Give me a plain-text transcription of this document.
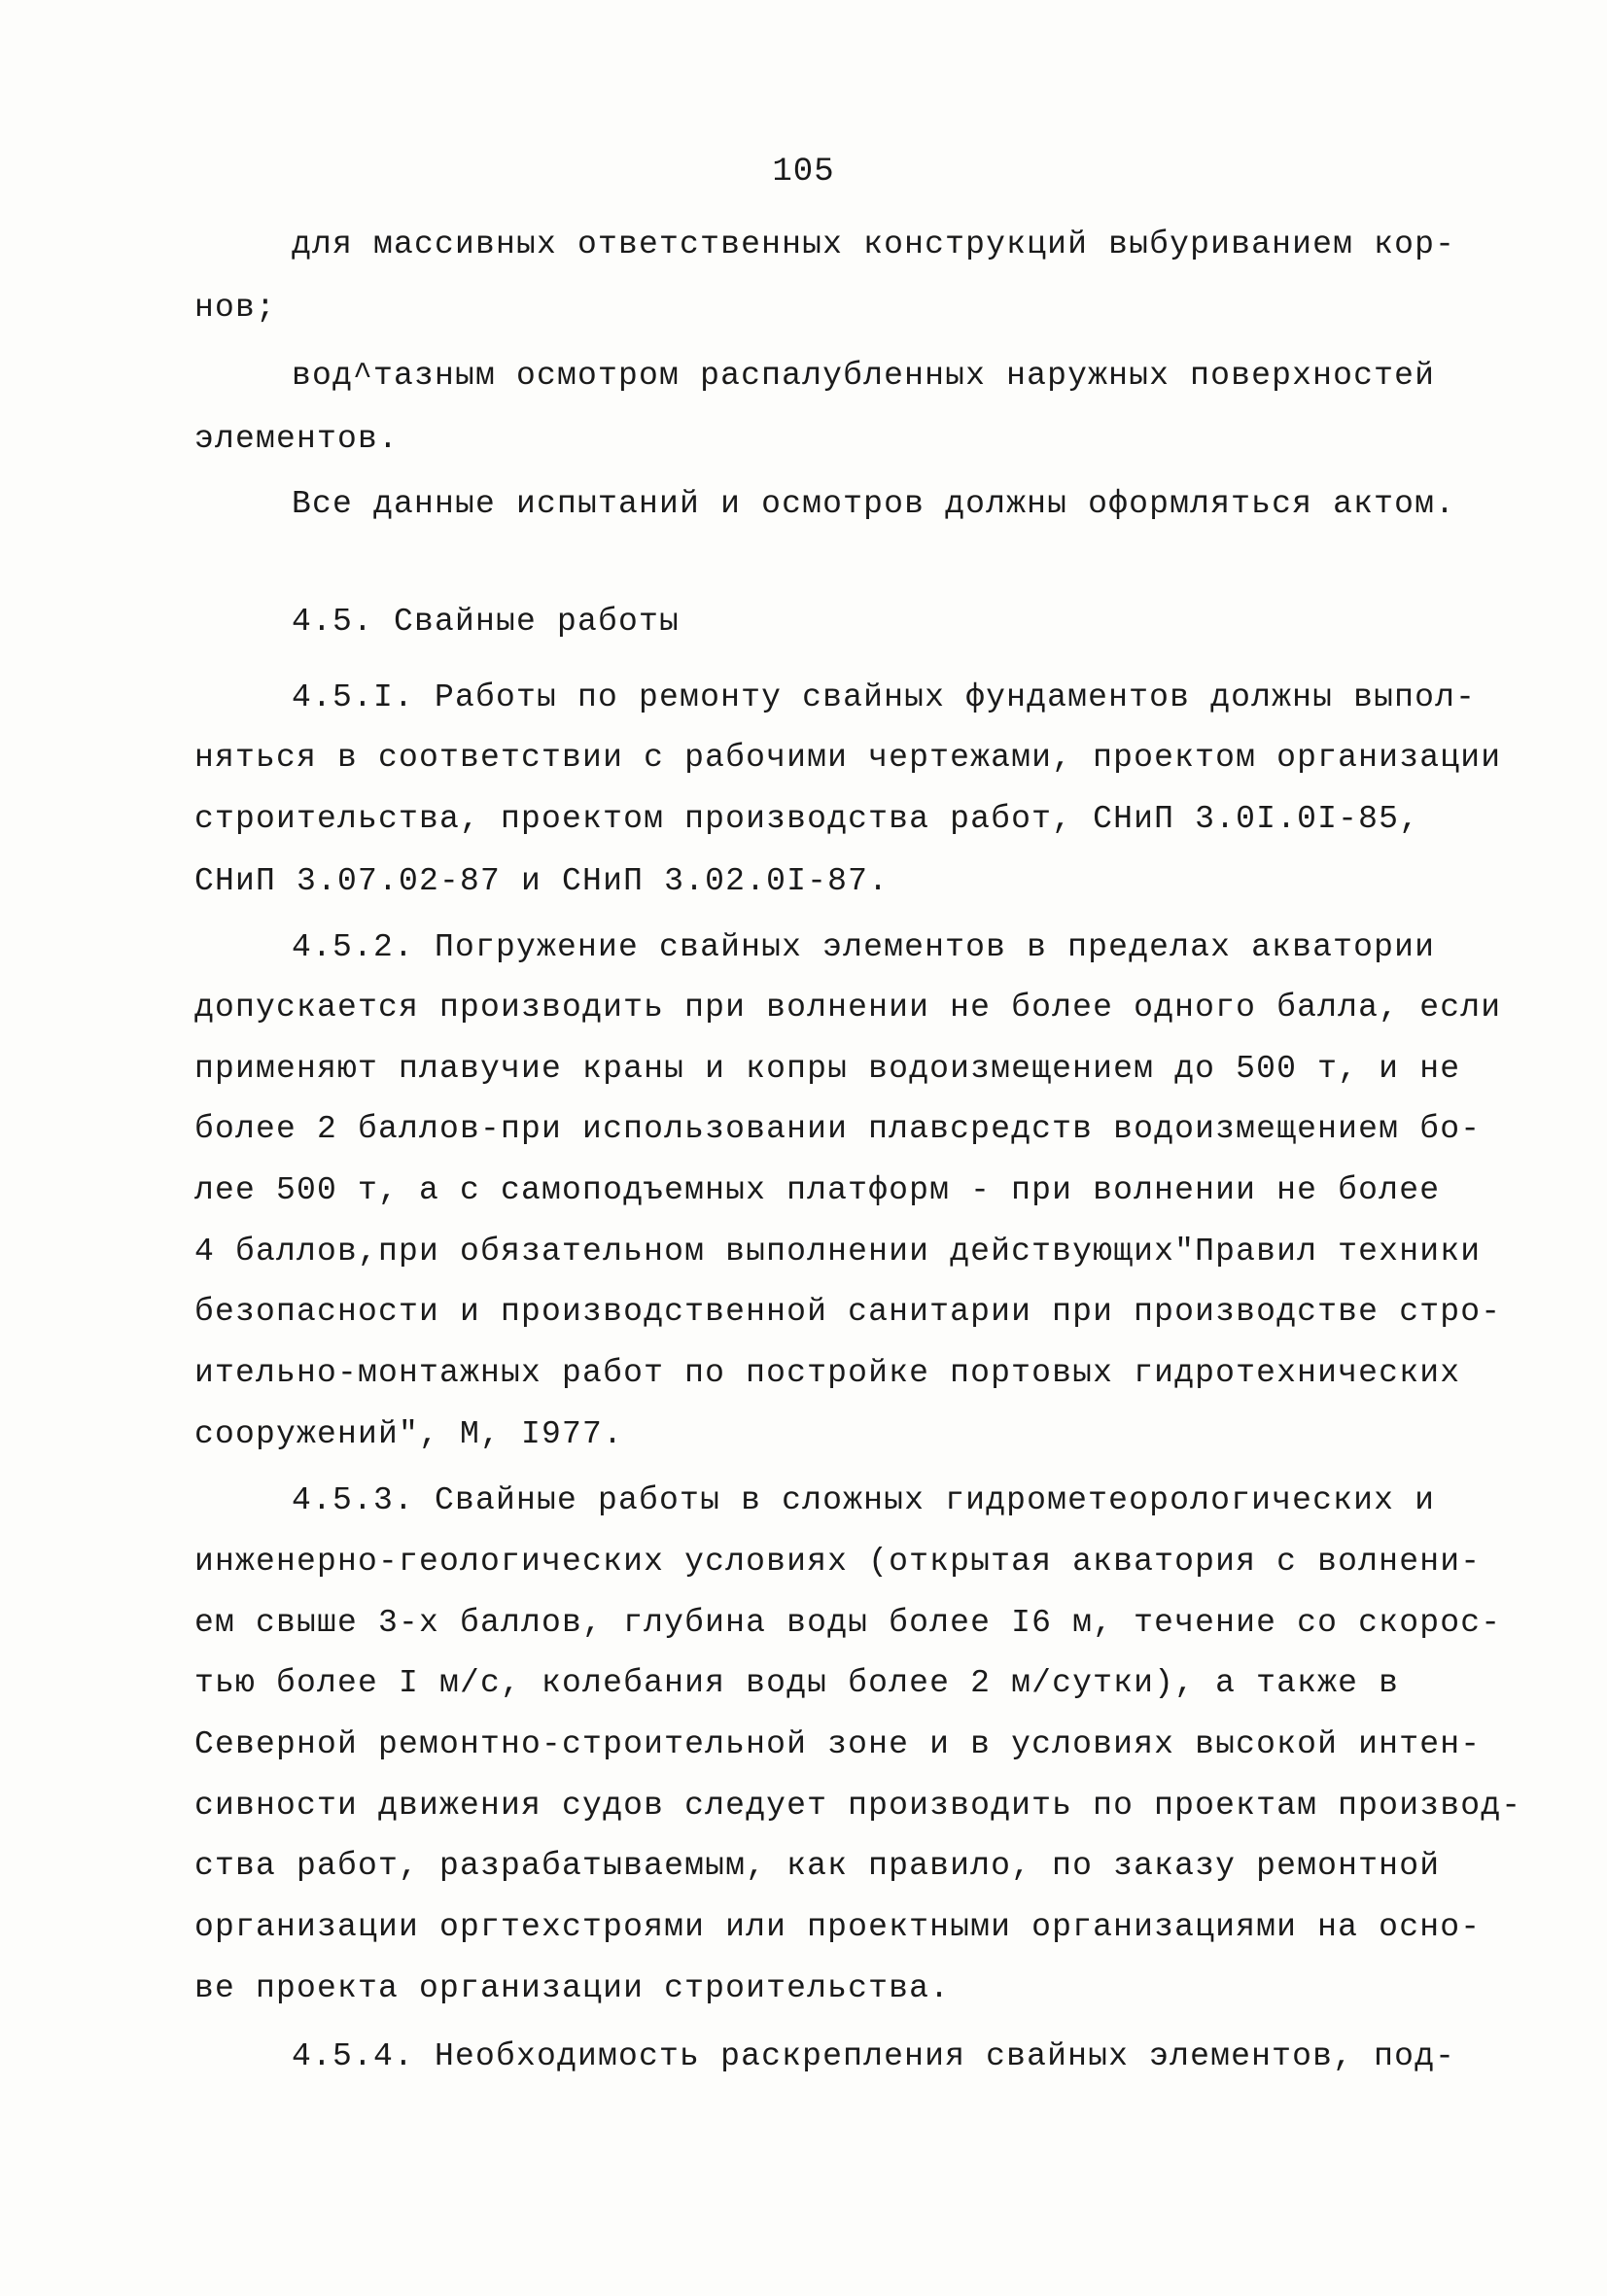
105
для массивных ответственных конструкций выбуриванием кор-
нов;
вод^тазным осмотром распалубленных наружных поверхностей
элементов.
Все данные испытаний и осмотров должны оформляться актом.
4.5. Свайные работы
4.5.I. Работы по ремонту свайных фундаментов должны выпол-
няться в соответствии с рабочими чертежами, проектом организации
строительства, проектом производства работ, СНиП 3.0I.0I-85,
СНиП 3.07.02-87 и СНиП 3.02.0I-87.
4.5.2. Погружение свайных элементов в пределах акватории
допускается производить при волнении не более одного балла, если
применяют плавучие краны и копры водоизмещением до 500 т, и не
более 2 баллов-при использовании плавсредств водоизмещением бо-
лее 500 т, а с самоподъемных платформ - при волнении не более
4 баллов,при обязательном выполнении действующих"Правил техники
безопасности и производственной санитарии при производстве стро-
ительно-монтажных работ по постройке портовых гидротехнических
сооружений", М, I977.
4.5.3. Свайные работы в сложных гидрометеорологических и
инженерно-геологических условиях (открытая акватория с волнени-
ем свыше 3-х баллов, глубина воды более I6 м, течение со скорос-
тью более I м/с, колебания воды более 2 м/сутки), а также в
Северной ремонтно-строительной зоне и в условиях высокой интен-
сивности движения судов следует производить по проектам производ-
ства работ, разрабатываемым, как правило, по заказу ремонтной
организации оргтехстроями или проектными организациями на осно-
ве проекта организации строительства.
4.5.4. Необходимость раскрепления свайных элементов, под-
